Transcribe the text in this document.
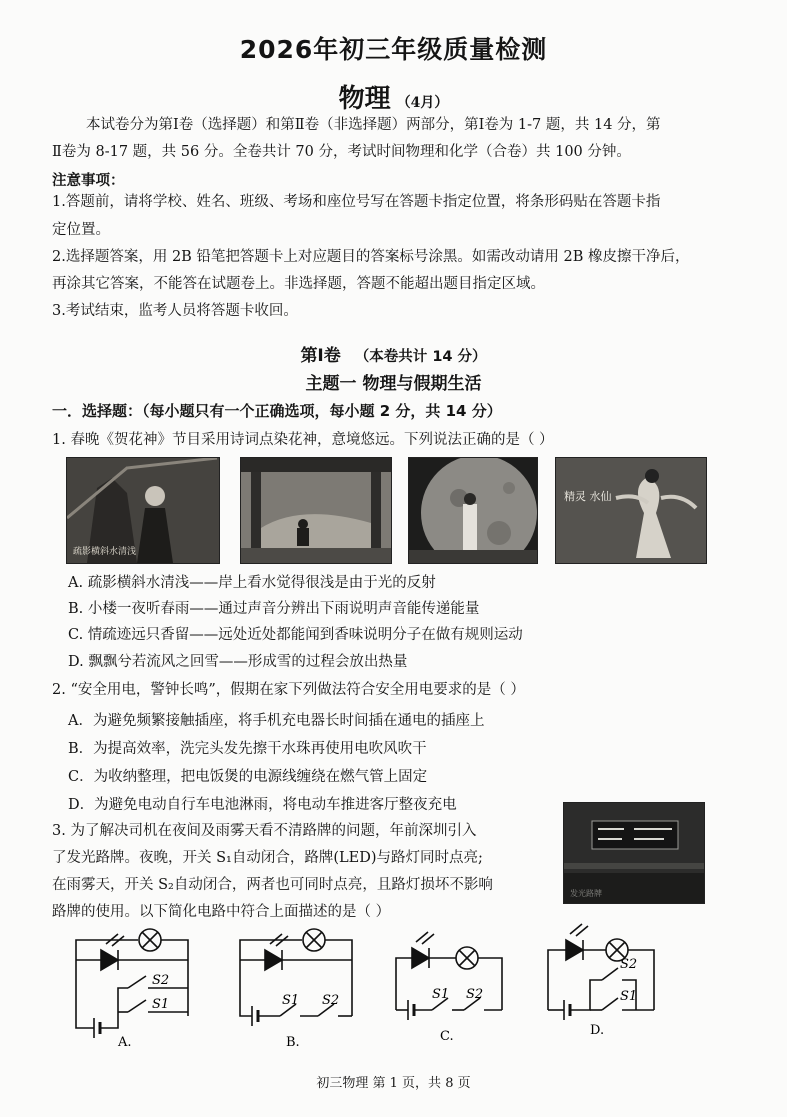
2026年初三年级质量检测
物理 （4月）
本试卷分为第Ⅰ卷（选择题）和第Ⅱ卷（非选择题）两部分，第Ⅰ卷为 1-7 题，共 14 分，第
Ⅱ卷为 8-17 题，共 56 分。全卷共计 70 分，考试时间物理和化学（合卷）共 100 分钟。
注意事项：
1.答题前，请将学校、姓名、班级、考场和座位号写在答题卡指定位置，将条形码贴在答题卡指
定位置。
2.选择题答案，用 2B 铅笔把答题卡上对应题目的答案标号涂黑。如需改动请用 2B 橡皮擦干净后，
再涂其它答案，不能答在试题卷上。非选择题，答题不能超出题目指定区域。
3.考试结束，监考人员将答题卡收回。
第Ⅰ卷 （本卷共计 14 分）
主题一 物理与假期生活
一．选择题：（每小题只有一个正确选项，每小题 2 分，共 14 分）
1. 春晚《贺花神》节目采用诗词点染花神，意境悠远。下列说法正确的是（ ）
疏影横斜水清浅
精灵 水仙
A. 疏影横斜水清浅——岸上看水觉得很浅是由于光的反射
B. 小楼一夜听春雨——通过声音分辨出下雨说明声音能传递能量
C. 情疏迹远只香留——远处近处都能闻到香味说明分子在做有规则运动
D. 飘飘兮若流风之回雪——形成雪的过程会放出热量
2. “安全用电，警钟长鸣”，假期在家下列做法符合安全用电要求的是（ ）
A．为避免频繁接触插座，将手机充电器长时间插在通电的插座上
B．为提高效率，洗完头发先擦干水珠再使用电吹风吹干
C．为收纳整理，把电饭煲的电源线缠绕在燃气管上固定
D．为避免电动自行车电池淋雨，将电动车推进客厅整夜充电
3. 为了解决司机在夜间及雨雾天看不清路牌的问题，年前深圳引入
了发光路牌。夜晚，开关 S₁自动闭合，路牌(LED)与路灯同时点亮;
在雨雾天，开关 S₂自动闭合，两者也可同时点亮，且路灯损坏不影响
路牌的使用。以下简化电路中符合上面描述的是（ ）
发光路牌
S2
S1
A.
S1 S2
B.
S1 S2
C.
S2
S1
D.
初三物理 第 1 页，共 8 页
